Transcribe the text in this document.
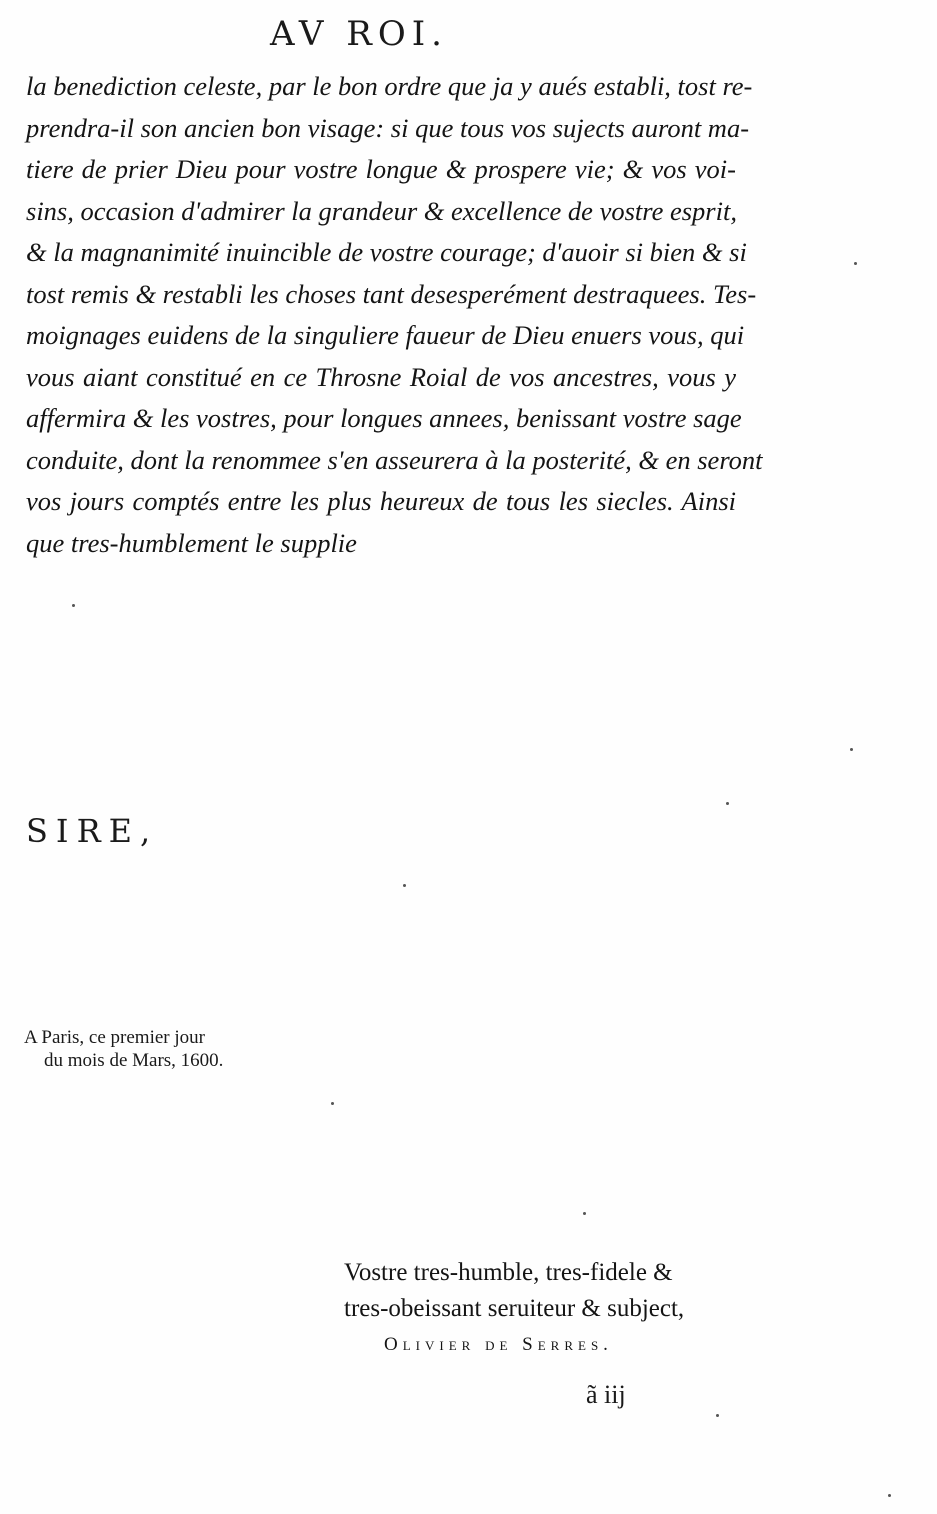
AV ROI.
la benediction celeste, par le bon ordre que ja y aués establi, tost re-
prendra-il son ancien bon visage: si que tous vos sujects auront ma-
tiere de prier Dieu pour vostre longue & prospere vie; & vos voi-
sins, occasion d'admirer la grandeur & excellence de vostre esprit,
& la magnanimité inuincible de vostre courage; d'auoir si bien & si
tost remis & restabli les choses tant desesperément destraquees. Tes-
moignages euidens de la singuliere faueur de Dieu enuers vous, qui
vous aiant constitué en ce Throsne Roial de vos ancestres, vous y
affermira & les vostres, pour longues annees, benissant vostre sage
conduite, dont la renommee s'en asseurera à la posterité, & en seront
vos jours comptés entre les plus heureux de tous les siecles. Ainsi
que tres-humblement le supplie
SIRE,
A Paris, ce premier jour
du mois de Mars, 1600.
Vostre tres-humble, tres-fidele &
tres-obeissant seruiteur & subject,
Olivier de Serres.
ã iij
